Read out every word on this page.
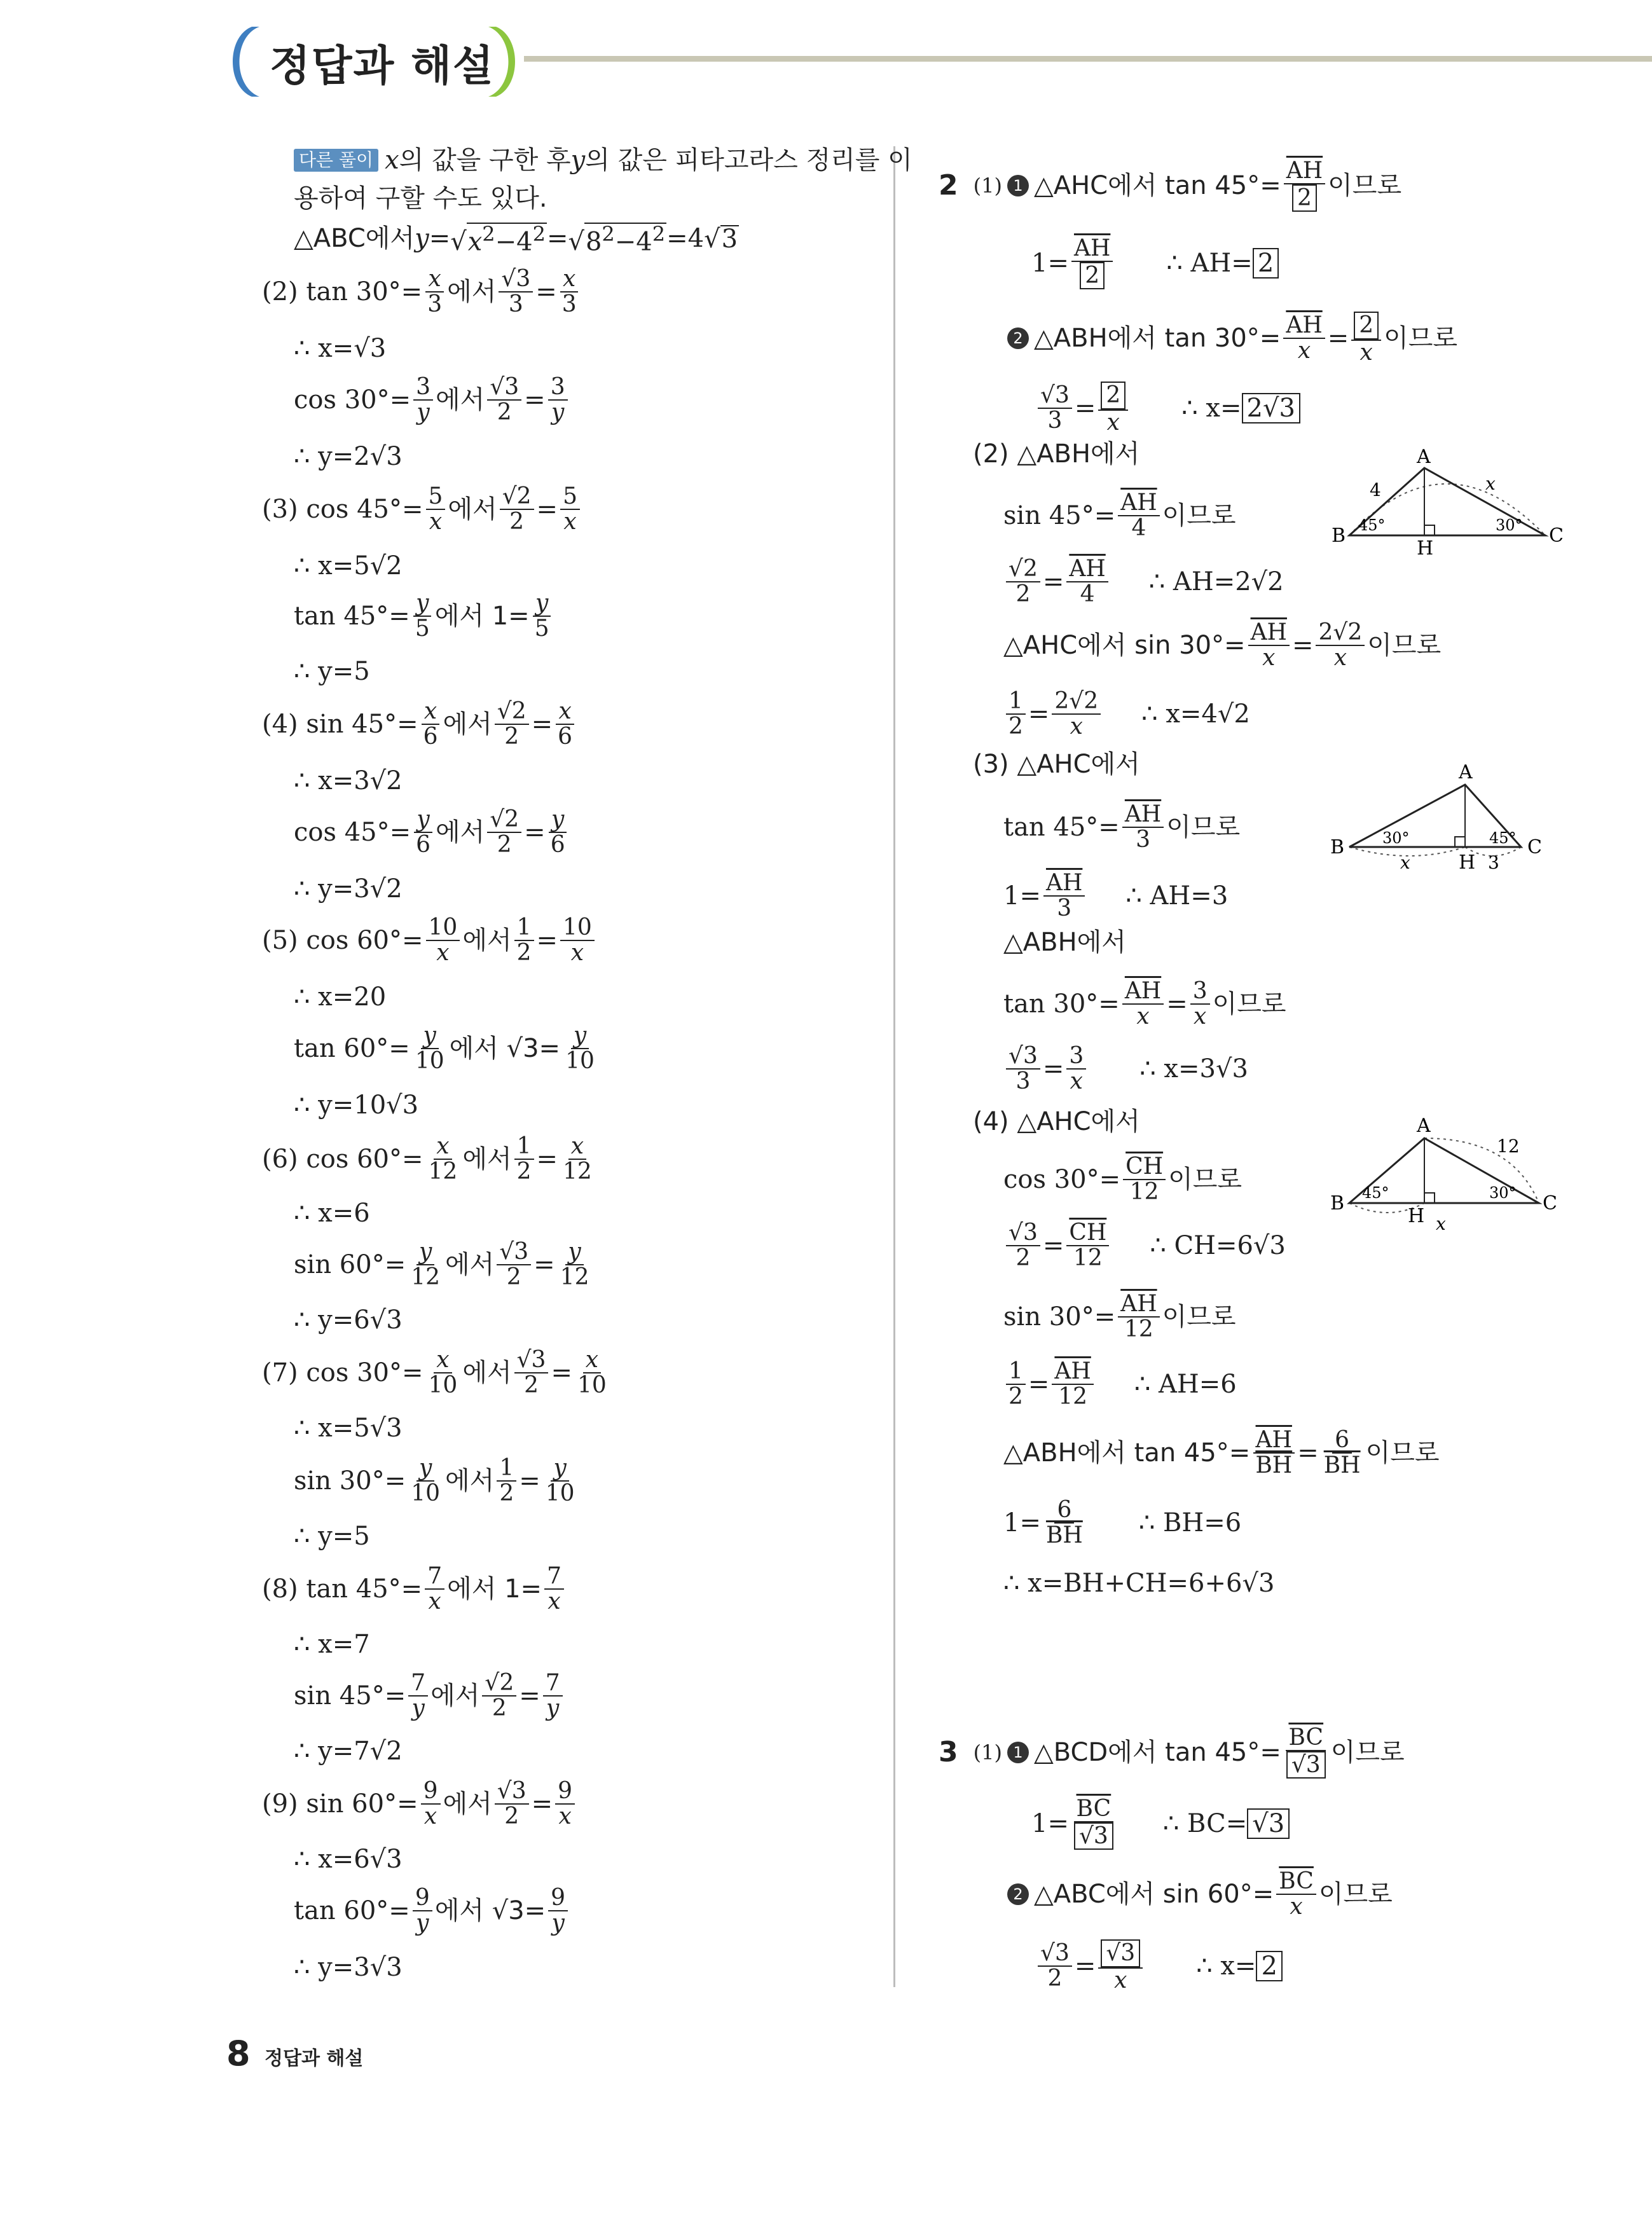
정답과 해설
다른 풀이 x 의 값을 구한 후 y 의 값은 피타고라스 정리를 이
용하여 구할 수도 있다.
△ABC에서 y = √ $x^2-4^2$ = √ $8^2-4^2 =4$ √ 3
(2) $\tan 30^\circ= \frac{x}{3}$ 에서 $\frac{√3}{3} = \frac{x}{3}$
∴ x=√3
$\cos 30^\circ= \frac{3}{y}$ 에서 $\frac{√3}{2} = \frac{3}{y}$
∴ y=2√3
(3) $\cos 45^\circ= \frac{5}{x}$ 에서 $\frac{√2}{2} = \frac{5}{x}$
∴ x=5√2
$\tan 45^\circ= \frac{y}{5}$ 에서 $1= \frac{y}{5}$
∴ y=5
(4) $\sin 45^\circ= \frac{x}{6}$ 에서 $\frac{√2}{2} = \frac{x}{6}$
∴ x=3√2
$\cos 45^\circ= \frac{y}{6}$ 에서 $\frac{√2}{2} = \frac{y}{6}$
∴ y=3√2
(5) $\cos 60^\circ= \frac{10}{x}$ 에서 $\frac{1}{2} = \frac{10}{x}$
∴ x=20
$\tan 60^\circ= \frac{y}{10}$ 에서 $√3= \frac{y}{10}$
∴ y=10√3
(6) $\cos 60^\circ= \frac{x}{12}$ 에서 $\frac{1}{2} = \frac{x}{12}$
∴ x=6
$\sin 60^\circ= \frac{y}{12}$ 에서 $\frac{√3}{2} = \frac{y}{12}$
∴ y=6√3
(7) $\cos 30^\circ= \frac{x}{10}$ 에서 $\frac{√3}{2} = \frac{x}{10}$
∴ x=5√3
$\sin 30^\circ= \frac{y}{10}$ 에서 $\frac{1}{2} = \frac{y}{10}$
∴ y=5
(8) $\tan 45^\circ= \frac{7}{x}$ 에서 $1= \frac{7}{x}$
∴ x=7
$\sin 45^\circ= \frac{7}{y}$ 에서 $\frac{√2}{2} = \frac{7}{y}$
∴ y=7√2
(9) $\sin 60^\circ= \frac{9}{x}$ 에서 $\frac{√3}{2} = \frac{9}{x}$
∴ x=6√3
$\tan 60^\circ= \frac{9}{y}$ 에서 $√3= \frac{9}{y}$
∴ y=3√3
2 (1) 1 △AHC에서 $\tan 45^\circ= \frac{\overline{AH}}{2}$ 이므로
$1= \frac{\overline{AH}}{2}$ ∴ AH= 2
2 △ABH에서 $\tan 30^\circ= \frac{\overline{AH}}{x} = \frac{2}{x}$ 이므로
$\frac{√3}{3} = \frac{2}{x}$ ∴ x= 2√3
(2) △ABH에서
$\sin 45^\circ= \frac{\overline{AH}}{4}$ 이므로
$\frac{√2}{2} = \frac{\overline{AH}}{4}$ ∴ AH=2√2
△AHC에서 $\sin 30^\circ= \frac{\overline{AH}}{x} = \frac{2√2}{x}$ 이므로
$\frac{1}{2} = \frac{2√2}{x}$ ∴ x=4√2
(3) △AHC에서
$\tan 45^\circ= \frac{\overline{AH}}{3}$ 이므로
$1= \frac{\overline{AH}}{3}$ ∴ AH=3
△ABH에서
$\tan 30^\circ= \frac{\overline{AH}}{x} = \frac{3}{x}$ 이므로
$\frac{√3}{3} = \frac{3}{x}$ ∴ x=3√3
(4) △AHC에서
$\cos 30^\circ= \frac{\overline{CH}}{12}$ 이므로
$\frac{√3}{2} = \frac{\overline{CH}}{12}$ ∴ CH=6√3
$\sin 30^\circ= \frac{\overline{AH}}{12}$ 이므로
$\frac{1}{2} = \frac{\overline{AH}}{12}$ ∴ AH=6
△ABH에서 $\tan 45^\circ= \frac{\overline{AH}}{BH} = \frac{6}{BH}$ 이므로
$1= \frac{6}{BH}$ ∴ BH=6
∴ x=BH+CH=6+6√3
3 (1) 1 △BCD에서 $\tan 45^\circ= \frac{\overline{BC}}{√3}$ 이므로
$1= \frac{\overline{BC}}{√3}$ ∴ BC= √3
2 △ABC에서 $\sin 60^\circ= \frac{\overline{BC}}{x}$ 이므로
$\frac{√3}{2} = \frac{√3}{x}$ ∴ x= 2
A
B	C
H
4	x
45°	30°
A
B	C
H
x	3
30°	45°
A
B	C
H
12
x
45°	30°
8 정답과 해설
